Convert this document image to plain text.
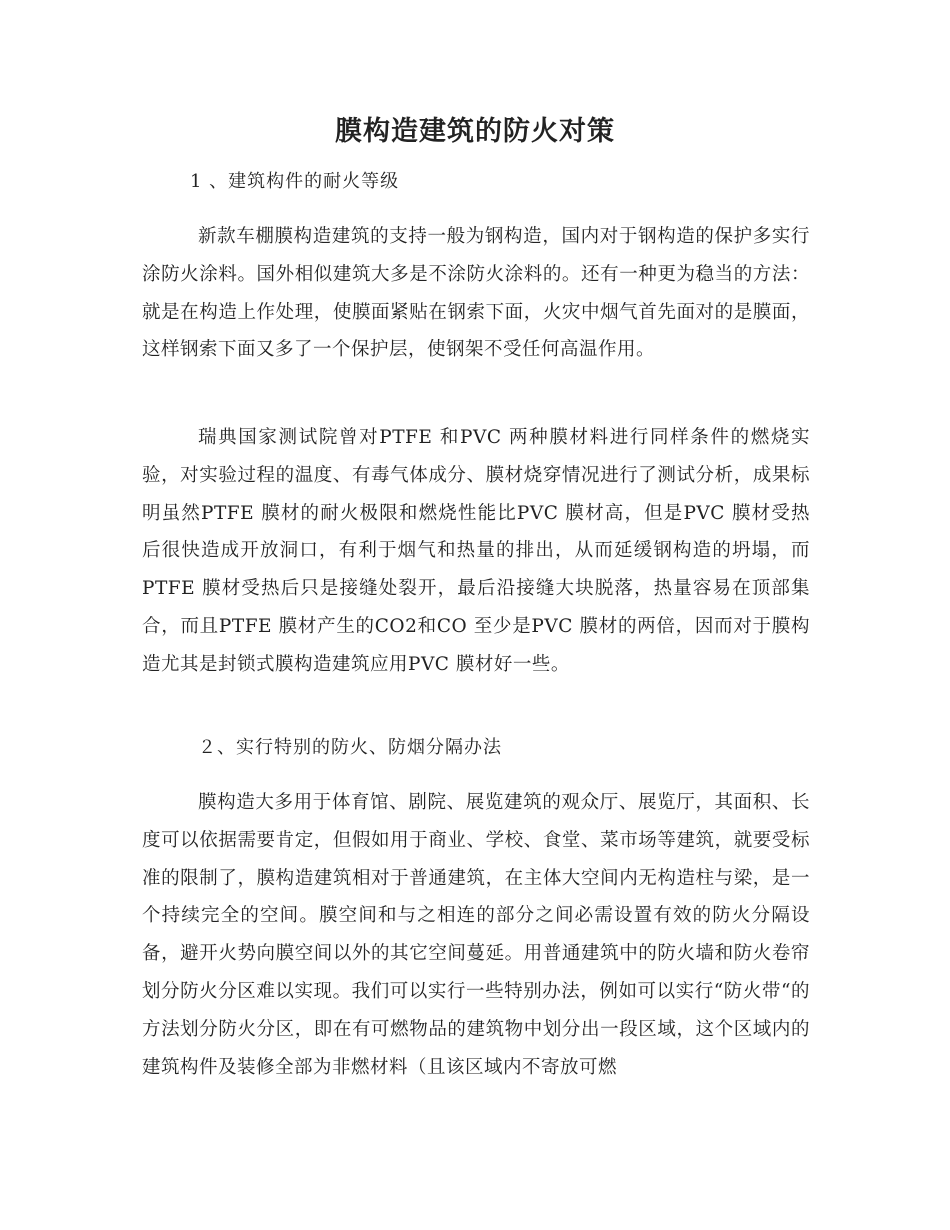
膜构造建筑的防火对策

1 、建筑构件的耐火等级

新款车棚膜构造建筑的支持一般为钢构造，国内对于钢构造的保护多实行涂防火涂料。国外相似建筑大多是不涂防火涂料的。还有一种更为稳当的方法：就是在构造上作处理，使膜面紧贴在钢索下面，火灾中烟气首先面对的是膜面，这样钢索下面又多了一个保护层，使钢架不受任何高温作用。

瑞典国家测试院曾对PTFE 和PVC 两种膜材料进行同样条件的燃烧实验，对实验过程的温度、有毒气体成分、膜材烧穿情况进行了测试分析，成果标明虽然PTFE 膜材的耐火极限和燃烧性能比PVC 膜材高，但是PVC 膜材受热后很快造成开放洞口，有利于烟气和热量的排出，从而延缓钢构造的坍塌，而PTFE 膜材受热后只是接缝处裂开，最后沿接缝大块脱落，热量容易在顶部集合，而且PTFE 膜材产生的CO2和CO 至少是PVC 膜材的两倍，因而对于膜构造尤其是封锁式膜构造建筑应用PVC 膜材好一些。

２、实行特别的防火、防烟分隔办法

膜构造大多用于体育馆、剧院、展览建筑的观众厅、展览厅，其面积、长度可以依据需要肯定，但假如用于商业、学校、食堂、菜市场等建筑，就要受标准的限制了，膜构造建筑相对于普通建筑，在主体大空间内无构造柱与梁，是一个持续完全的空间。膜空间和与之相连的部分之间必需设置有效的防火分隔设备，避开火势向膜空间以外的其它空间蔓延。用普通建筑中的防火墙和防火卷帘划分防火分区难以实现。我们可以实行一些特别办法，例如可以实行“防火带“的方法划分防火分区，即在有可燃物品的建筑物中划分出一段区域，这个区域内的建筑构件及装修全部为非燃材料（且该区域内不寄放可燃
